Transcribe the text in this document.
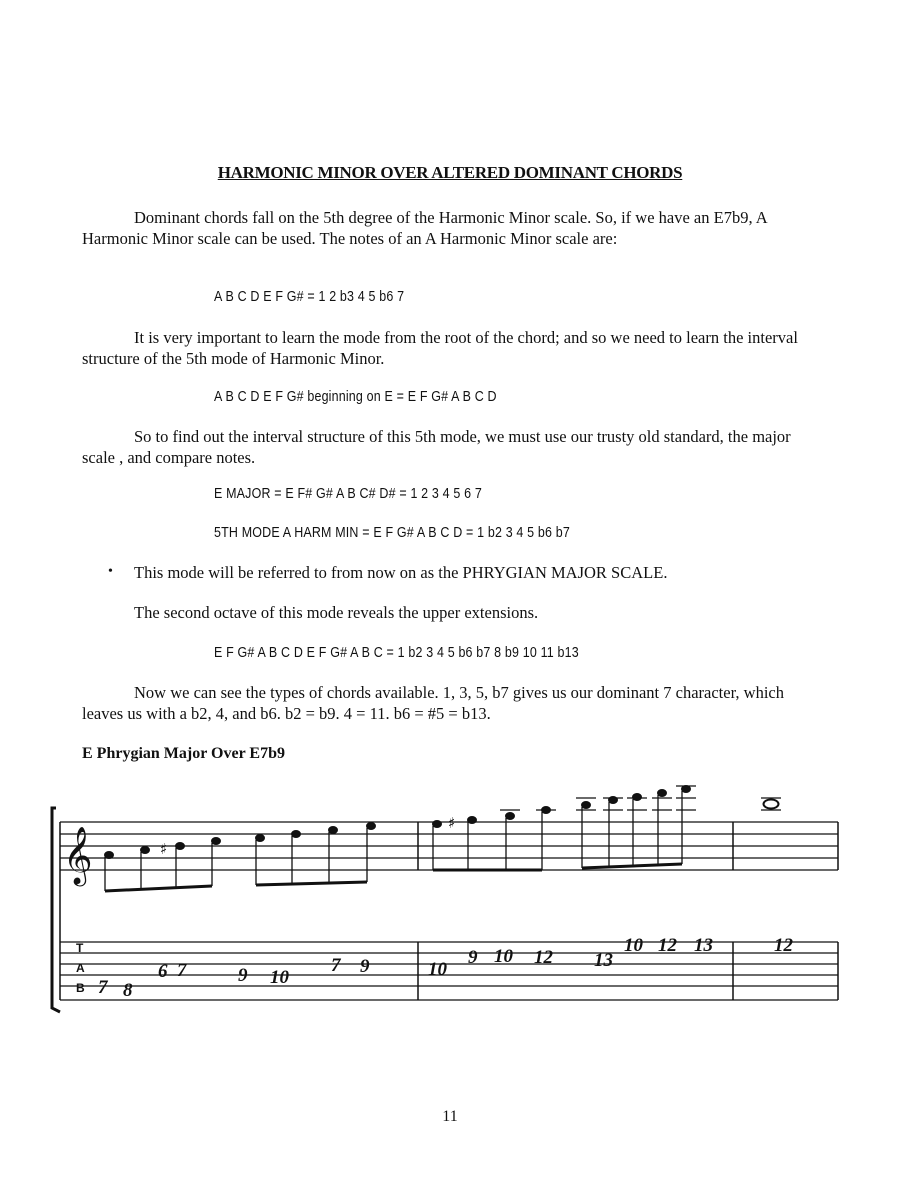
HARMONIC MINOR OVER ALTERED DOMINANT CHORDS
Dominant chords fall on the 5th degree of the Harmonic Minor scale. So, if we have an E7b9, A Harmonic Minor scale can be used. The notes of an A Harmonic Minor scale are:
A B C D E F G# = 1 2 b3 4 5 b6 7
It is very important to learn the mode from the root of the chord; and so we need to learn the interval structure of the 5th mode of Harmonic Minor.
A B C D E F G# beginning on E = E F G# A B C D
So to find out the interval structure of this 5th mode, we must use our trusty old standard, the major scale , and compare notes.
E MAJOR = E F# G# A B C# D# = 1 2 3 4 5 6 7
5TH MODE A HARM MIN = E F G# A B C D = 1 b2 3 4 5 b6 b7
• This mode will be referred to from now on as the PHRYGIAN MAJOR SCALE.
The second octave of this mode reveals the upper extensions.
E F G# A B C D E F G# A B C = 1 b2 3 4 5 b6 b7 8 b9 10 11 b13
Now we can see the types of chords available. 1, 3, 5, b7 gives us our dominant 7 character, which leaves us with a b2, 4, and b6. b2 = b9. 4 = 11. b6 = #5 = b13.
E Phrygian Major Over E7b9
𝄞
T
A
B
♯
♯
7 8
6 7	9 10
7 9	10
9 10 12 13
10 12 13	12
11
